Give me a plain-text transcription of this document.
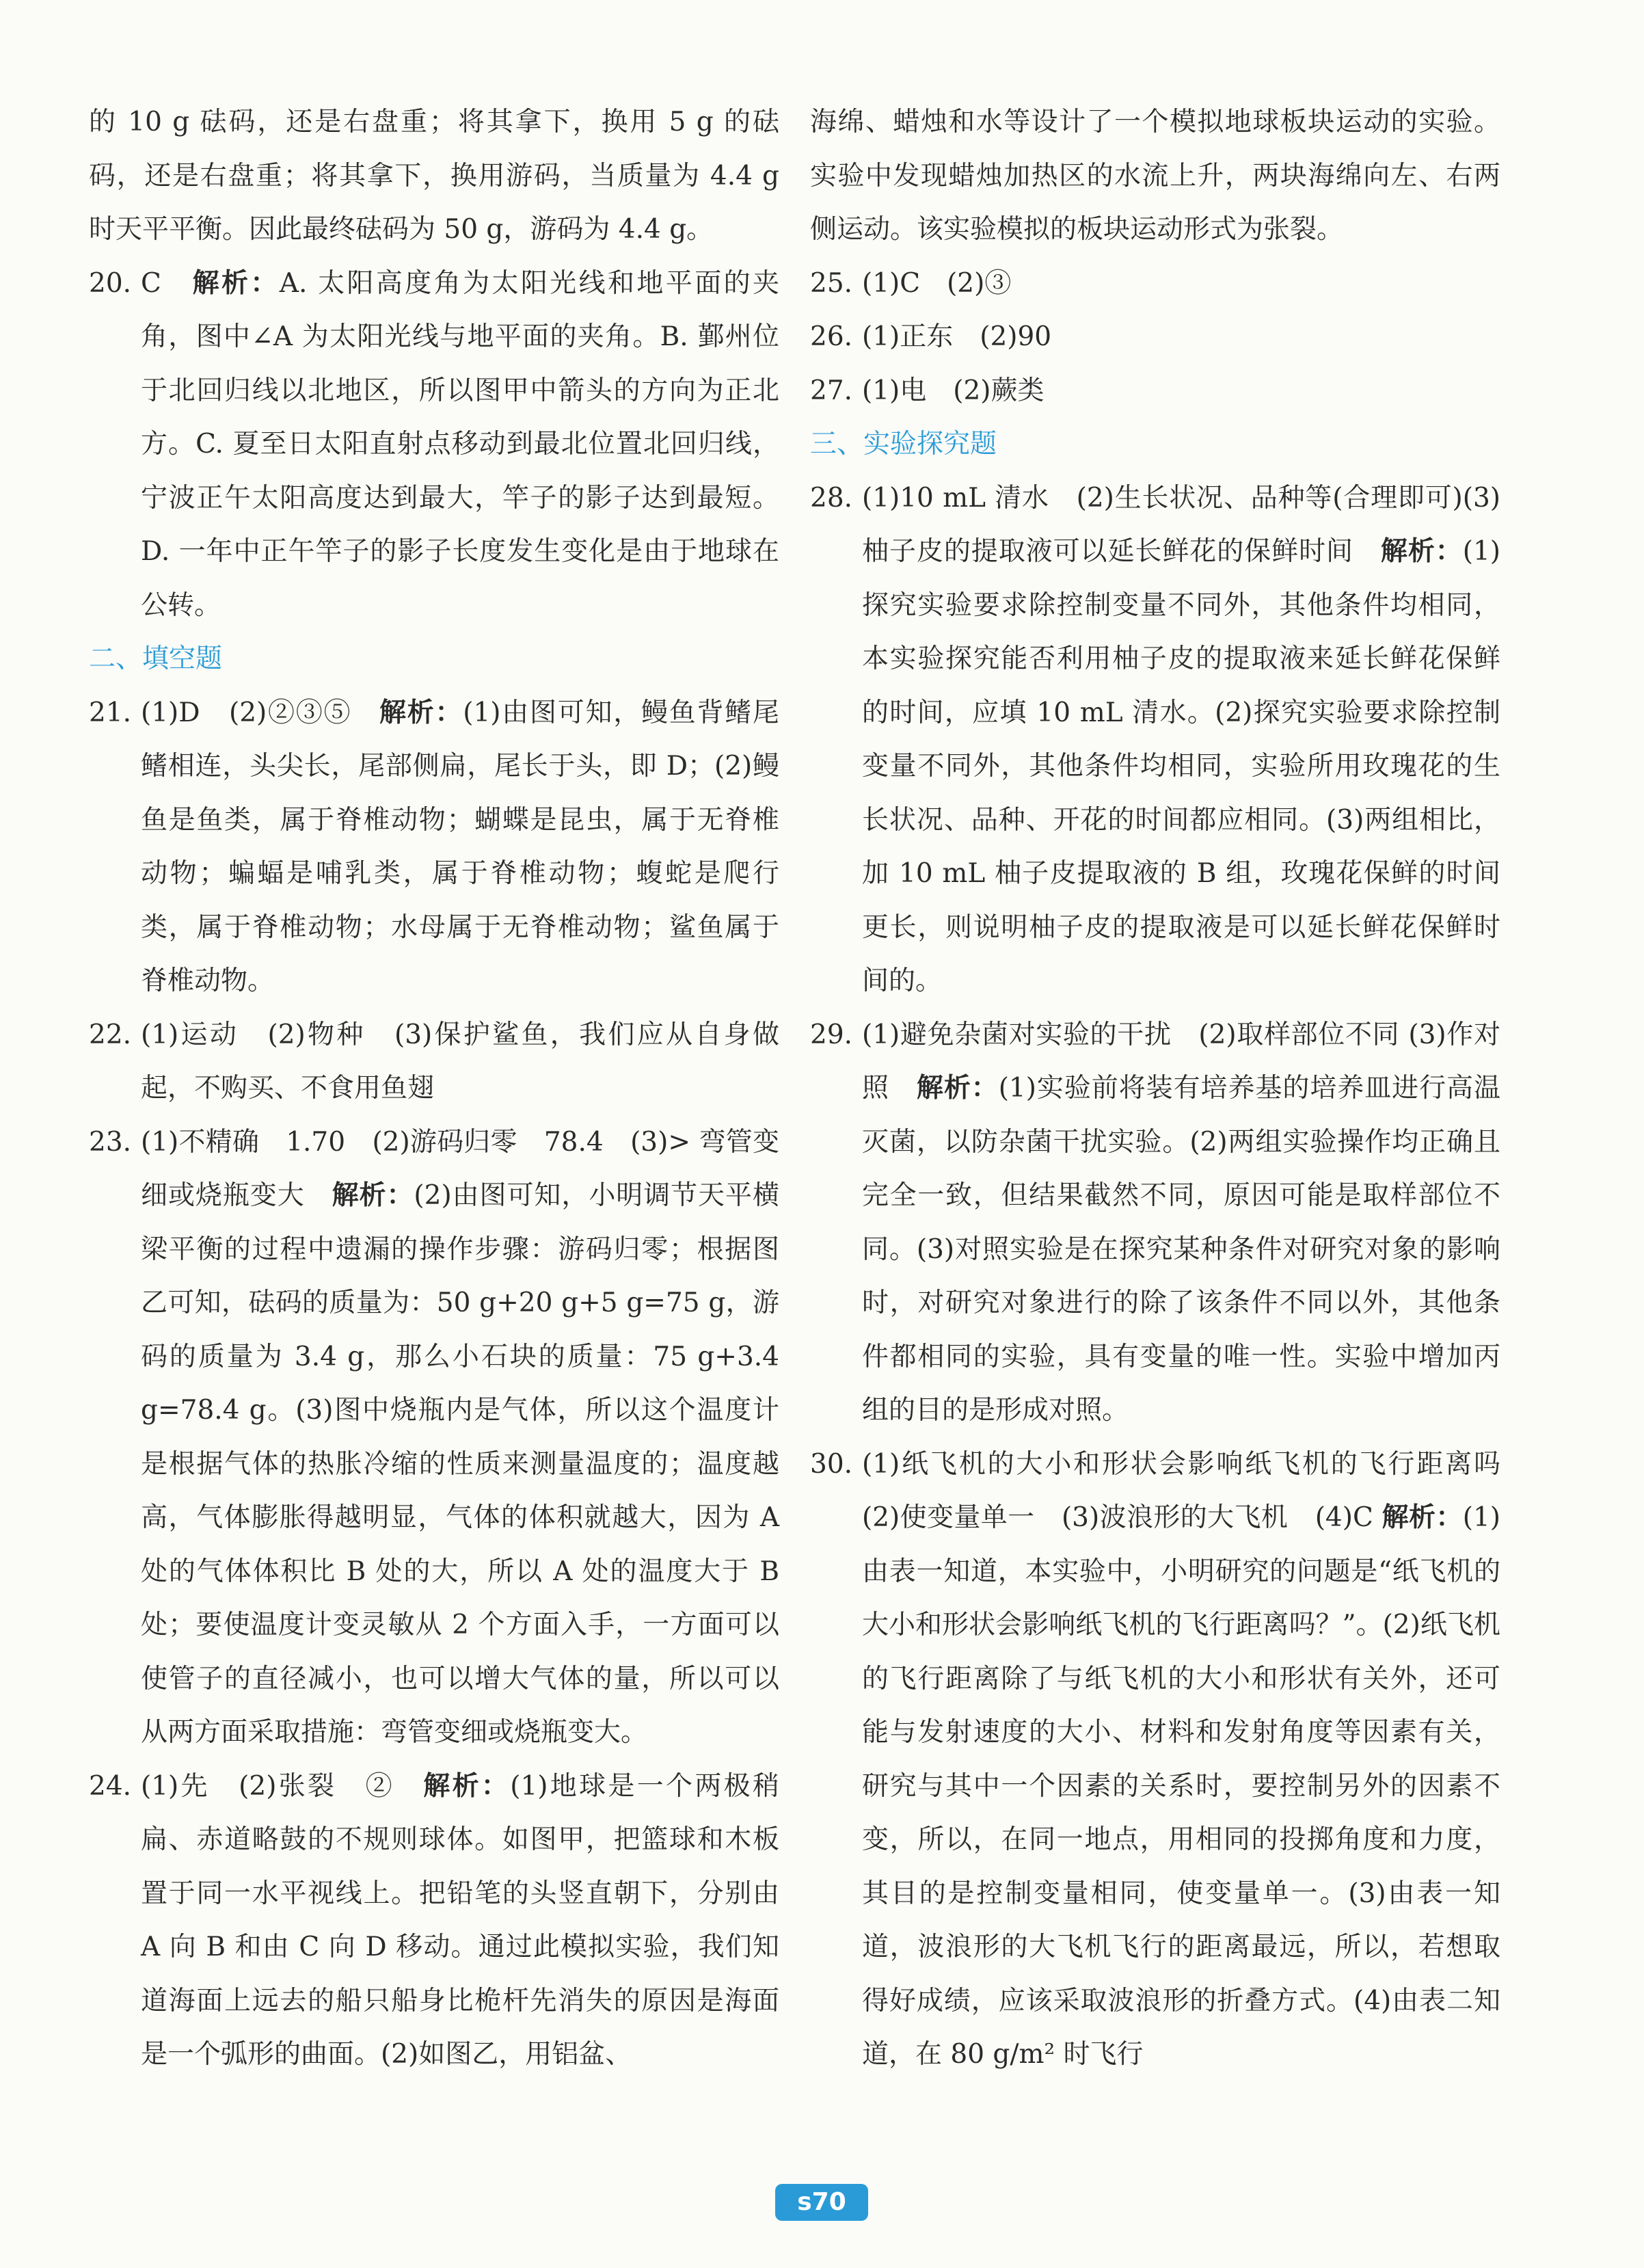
的 10 g 砝码，还是右盘重；将其拿下，换用 5 g 的砝码，还是右盘重；将其拿下，换用游码，当质量为 4.4 g 时天平平衡。因此最终砝码为 50 g，游码为 4.4 g。
20. C　解析：A. 太阳高度角为太阳光线和地平面的夹角，图中∠A 为太阳光线与地平面的夹角。B. 鄞州位于北回归线以北地区，所以图甲中箭头的方向为正北方。C. 夏至日太阳直射点移动到最北位置北回归线，宁波正午太阳高度达到最大，竿子的影子达到最短。D. 一年中正午竿子的影子长度发生变化是由于地球在公转。
二、填空题
21. (1)D　(2)②③⑤　解析：(1)由图可知，鳗鱼背鳍尾鳍相连，头尖长，尾部侧扁，尾长于头，即 D；(2)鳗鱼是鱼类，属于脊椎动物；蝴蝶是昆虫，属于无脊椎动物；蝙蝠是哺乳类，属于脊椎动物；蝮蛇是爬行类，属于脊椎动物；水母属于无脊椎动物；鲨鱼属于脊椎动物。
22. (1)运动　(2)物种　(3)保护鲨鱼，我们应从自身做起，不购买、不食用鱼翅
23. (1)不精确　1.70　(2)游码归零　78.4　(3)> 弯管变细或烧瓶变大　解析：(2)由图可知，小明调节天平横梁平衡的过程中遗漏的操作步骤：游码归零；根据图乙可知，砝码的质量为：50 g+20 g+5 g=75 g，游码的质量为 3.4 g，那么小石块的质量：75 g+3.4 g=78.4 g。(3)图中烧瓶内是气体，所以这个温度计是根据气体的热胀冷缩的性质来测量温度的；温度越高，气体膨胀得越明显，气体的体积就越大，因为 A 处的气体体积比 B 处的大，所以 A 处的温度大于 B 处；要使温度计变灵敏从 2 个方面入手，一方面可以使管子的直径减小，也可以增大气体的量，所以可以从两方面采取措施：弯管变细或烧瓶变大。
24. (1)先　(2)张裂　②　解析：(1)地球是一个两极稍扁、赤道略鼓的不规则球体。如图甲，把篮球和木板置于同一水平视线上。把铅笔的头竖直朝下，分别由 A 向 B 和由 C 向 D 移动。通过此模拟实验，我们知道海面上远去的船只船身比桅杆先消失的原因是海面是一个弧形的曲面。(2)如图乙，用铝盆、
海绵、蜡烛和水等设计了一个模拟地球板块运动的实验。实验中发现蜡烛加热区的水流上升，两块海绵向左、右两侧运动。该实验模拟的板块运动形式为张裂。
25. (1)C　(2)③
26. (1)正东　(2)90
27. (1)电　(2)蕨类
三、实验探究题
28. (1)10 mL 清水　(2)生长状况、品种等(合理即可)(3)柚子皮的提取液可以延长鲜花的保鲜时间　解析：(1)探究实验要求除控制变量不同外，其他条件均相同，本实验探究能否利用柚子皮的提取液来延长鲜花保鲜的时间，应填 10 mL 清水。(2)探究实验要求除控制变量不同外，其他条件均相同，实验所用玫瑰花的生长状况、品种、开花的时间都应相同。(3)两组相比，加 10 mL 柚子皮提取液的 B 组，玫瑰花保鲜的时间更长，则说明柚子皮的提取液是可以延长鲜花保鲜时间的。
29. (1)避免杂菌对实验的干扰　(2)取样部位不同 (3)作对照　解析：(1)实验前将装有培养基的培养皿进行高温灭菌，以防杂菌干扰实验。(2)两组实验操作均正确且完全一致，但结果截然不同，原因可能是取样部位不同。(3)对照实验是在探究某种条件对研究对象的影响时，对研究对象进行的除了该条件不同以外，其他条件都相同的实验，具有变量的唯一性。实验中增加丙组的目的是形成对照。
30. (1)纸飞机的大小和形状会影响纸飞机的飞行距离吗　(2)使变量单一　(3)波浪形的大飞机　(4)C 解析：(1)由表一知道，本实验中，小明研究的问题是“纸飞机的大小和形状会影响纸飞机的飞行距离吗？”。(2)纸飞机的飞行距离除了与纸飞机的大小和形状有关外，还可能与发射速度的大小、材料和发射角度等因素有关，研究与其中一个因素的关系时，要控制另外的因素不变，所以，在同一地点，用相同的投掷角度和力度，其目的是控制变量相同，使变量单一。(3)由表一知道，波浪形的大飞机飞行的距离最远，所以，若想取得好成绩，应该采取波浪形的折叠方式。(4)由表二知道，在 80 g/m² 时飞行
s70
